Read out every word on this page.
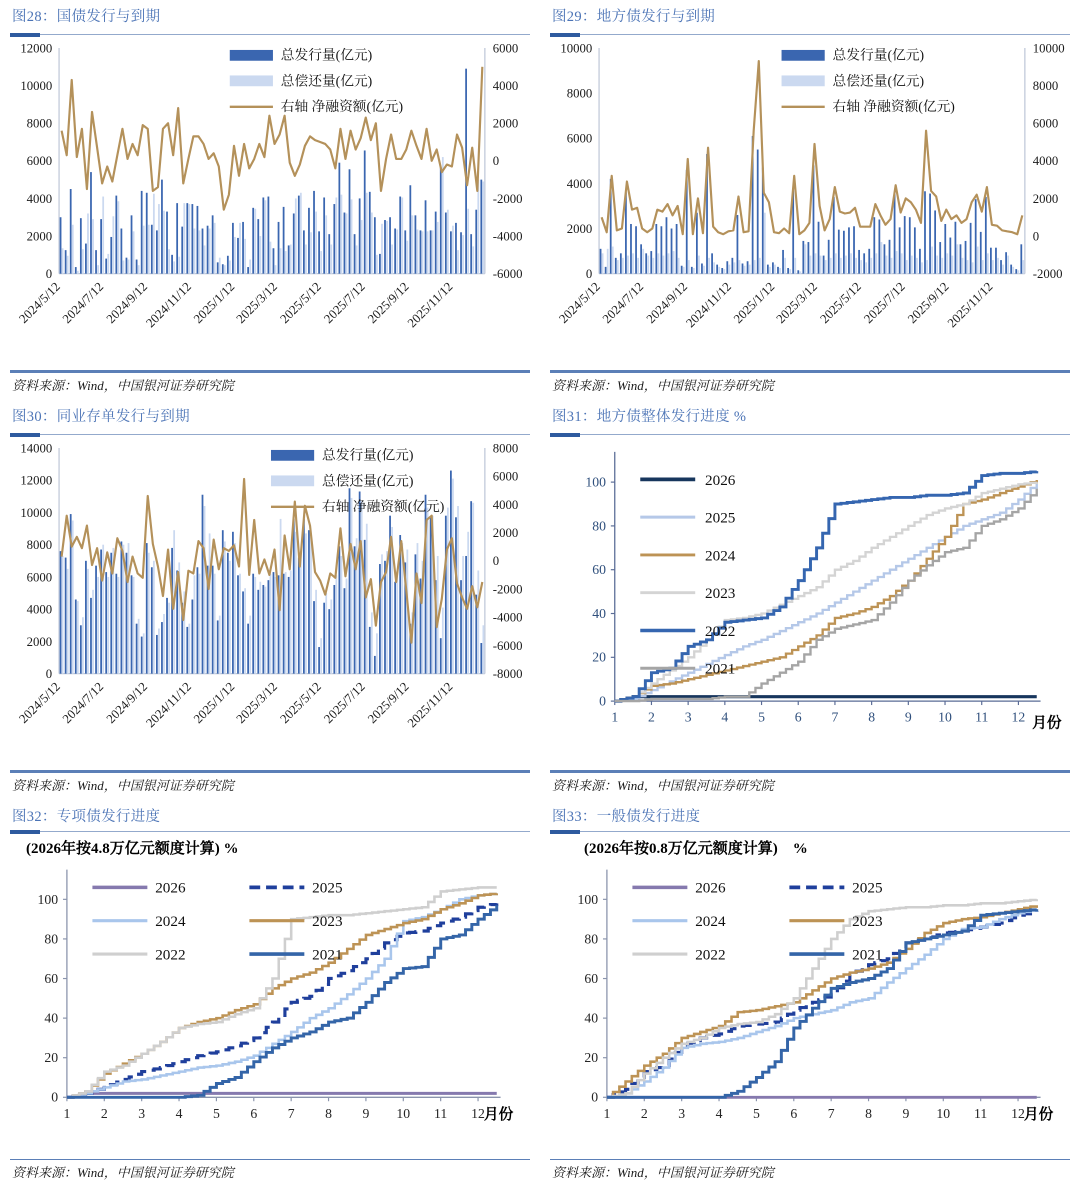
图28：国债发行与到期
0
2000
4000
6000
8000
10000
12000
-6000
-4000
-2000
0
2000
4000
6000
2024/5/12
2024/7/12
2024/9/12
2024/11/12
2025/1/12
2025/3/12
2025/5/12
2025/7/12
2025/9/12
2025/11/12
总发行量(亿元)
总偿还量(亿元)
右轴 净融资额(亿元)
资料来源：Wind，中国银河证券研究院
图29：地方债发行与到期
0
2000
4000
6000
8000
10000
-2000
0
2000
4000
6000
8000
10000
2024/5/12
2024/7/12
2024/9/12
2024/11/12
2025/1/12
2025/3/12
2025/5/12
2025/7/12
2025/9/12
2025/11/12
总发行量(亿元)
总偿还量(亿元)
右轴 净融资额(亿元)
资料来源：Wind，中国银河证券研究院
图30：同业存单发行与到期
0
2000
4000
6000
8000
10000
12000
14000
-8000
-6000
-4000
-2000
0
2000
4000
6000
8000
2024/5/12
2024/7/12
2024/9/12
2024/11/12
2025/1/12
2025/3/12
2025/5/12
2025/7/12
2025/9/12
2025/11/12
总发行量(亿元)
总偿还量(亿元)
右轴 净融资额(亿元)
资料来源：Wind，中国银河证券研究院
图31：地方债整体发行进度 %
0
20
40
60
80
100
1 2 3 4 5 6 7 8 9 10 11 12 月份
2026
2025
2024
2023
2022
2021
资料来源：Wind，中国银河证券研究院
图32：专项债发行进度
(2026年按4.8万亿元额度计算) %
0
20
40
60
80
100
1 2 3 4 5 6 7 8 9 10 11 12 月份
2026	2025
2024	2023
2022	2021
资料来源：Wind，中国银河证券研究院
图33：一般债发行进度
(2026年按0.8万亿元额度计算)　%
0
20
40
60
80
100
1 2 3 4 5 6 7 8 9 10 11 12 月份
2026	2025
2024	2023
2022	2021
资料来源：Wind，中国银河证券研究院
